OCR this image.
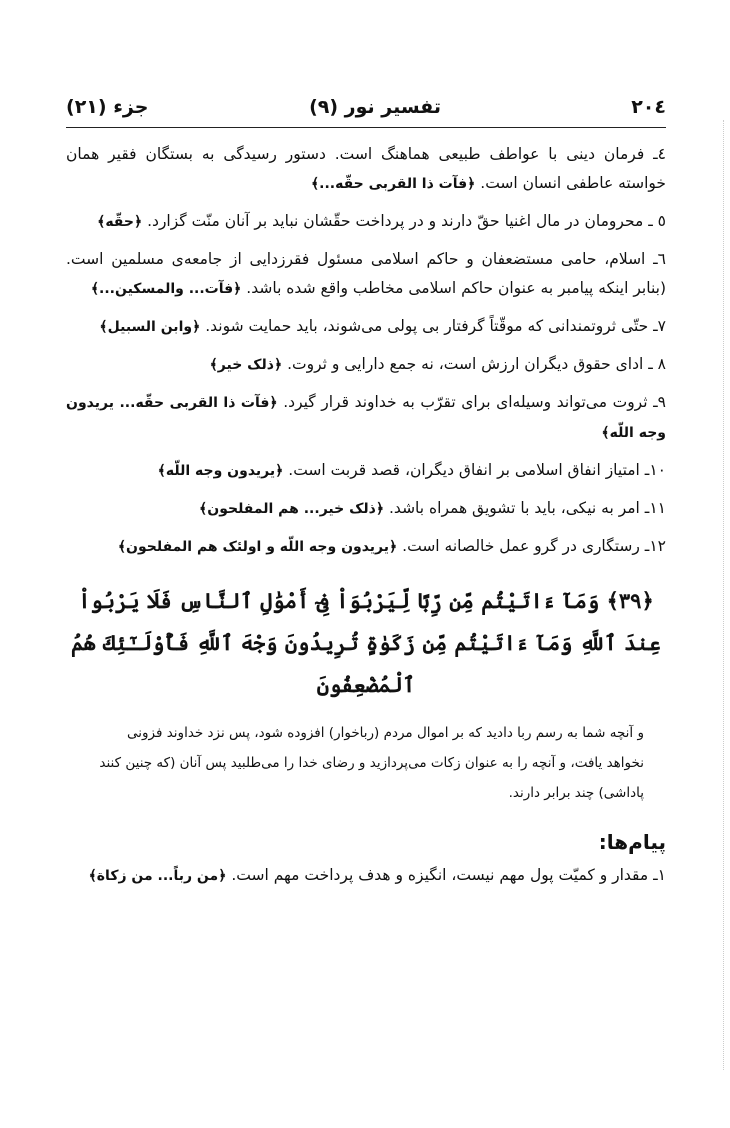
٢٠٤
تفسیر نور (٩)
جزء (٢١)
٤ـ فرمان دینی با عواطف طبیعی هماهنگ است. دستور رسیدگی به بستگان فقیر همان خواسته عاطفی انسان است. ﴿فآت ذا القربی حقّه...﴾
٥ ـ محرومان در مال اغنیا حقّ دارند و در پرداخت حقّشان نباید بر آنان منّت گزارد. ﴿حقّه﴾
٦ـ اسلام، حامی مستضعفان و حاکم اسلامی مسئول فقرزدایی از جامعه‌ی مسلمین است. (بنابر اینکه پیامبر به عنوان حاکم اسلامی مخاطب واقع شده باشد. ﴿فآت... والمسکین...﴾
٧ـ حتّی ثروتمندانی که موقّتاً گرفتار بی پولی می‌شوند، باید حمایت شوند. ﴿وابن السبیل﴾
٨ ـ ادای حقوق دیگران ارزش است، نه جمع دارایی و ثروت. ﴿ذلک خیر﴾
٩ـ ثروت می‌تواند وسیله‌ای برای تقرّب به خداوند قرار گیرد. ﴿فآت ذا القربی حقّه... یریدون وجه اللّه﴾
١٠ـ امتیاز انفاق اسلامی بر انفاق دیگران، قصد قربت است. ﴿یریدون وجه اللّه﴾
١١ـ امر به نیکی، باید با تشویق همراه باشد. ﴿ذلک خیر... هم المفلحون﴾
١٢ـ رستگاری در گرو عمل خالصانه است. ﴿یریدون وجه اللّه و اولئک هم المفلحون﴾
﴿٣٩﴾ وَمَآ ءَاتَيْتُم مِّن رِّبًا لِّيَرْبُوَاْ فِىٓ أَمْوَٰلِ ٱلنَّاسِ فَلَا يَرْبُواْ عِندَ ٱللَّهِ وَمَآ ءَاتَيْتُم مِّن زَكَوٰةٍ تُرِيدُونَ وَجْهَ ٱللَّهِ فَأُوْلَـٰٓئِكَ هُمُ ٱلْمُضْعِفُونَ
و آنچه شما به رسم ربا دادید که بر اموال مردم (رباخوار) افزوده شود، پس نزد خداوند فزونی نخواهد یافت، و آنچه را به عنوان زکات می‌پردازید و رضای خدا را می‌طلبید پس آنان (که چنین کنند پاداشی) چند برابر دارند.
پیام‌ها:
١ـ مقدار و کمیّت پول مهم نیست، انگیزه و هدف پرداخت مهم است. ﴿من رباً... من زکاة﴾
